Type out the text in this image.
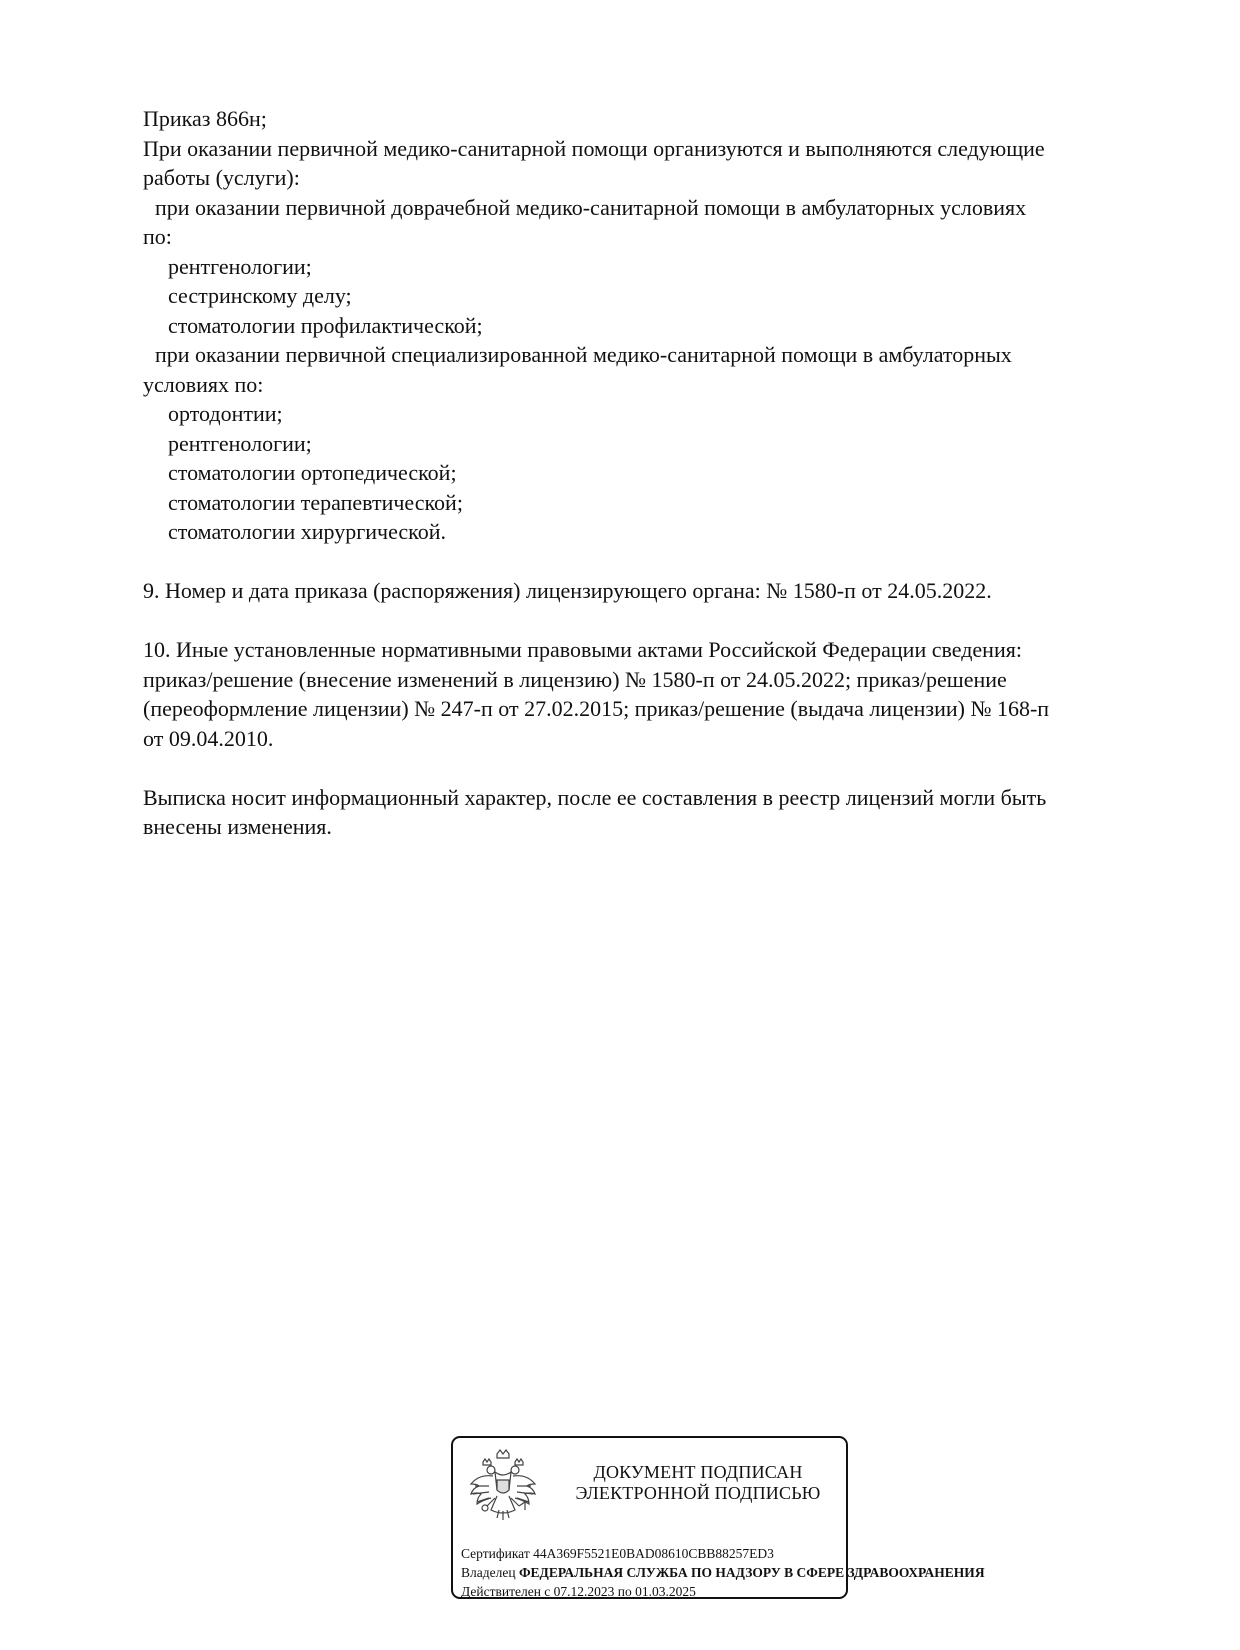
Приказ 866н;
При оказании первичной медико-санитарной помощи организуются и выполняются следующие
работы (услуги):
при оказании первичной доврачебной медико-санитарной помощи в амбулаторных условиях
по:
рентгенологии;
сестринскому делу;
стоматологии профилактической;
при оказании первичной специализированной медико-санитарной помощи в амбулаторных
условиях по:
ортодонтии;
рентгенологии;
стоматологии ортопедической;
стоматологии терапевтической;
стоматологии хирургической.
9. Номер и дата приказа (распоряжения) лицензирующего органа: № 1580-п от 24.05.2022.
10. Иные установленные нормативными правовыми актами Российской Федерации сведения:
приказ/решение (внесение изменений в лицензию) № 1580-п от 24.05.2022; приказ/решение
(переоформление лицензии) № 247-п от 27.02.2015; приказ/решение (выдача лицензии) № 168-п
от 09.04.2010.
Выписка носит информационный характер, после ее составления в реестр лицензий могли быть
внесены изменения.
ДОКУМЕНТ ПОДПИСАН
ЭЛЕКТРОННОЙ ПОДПИСЬЮ
Сертификат 44A369F5521E0BAD08610CBB88257ED3
Владелец ФЕДЕРАЛЬНАЯ СЛУЖБА ПО НАДЗОРУ В СФЕРЕ ЗДРАВООХРАНЕНИЯ
Действителен с 07.12.2023 по 01.03.2025
